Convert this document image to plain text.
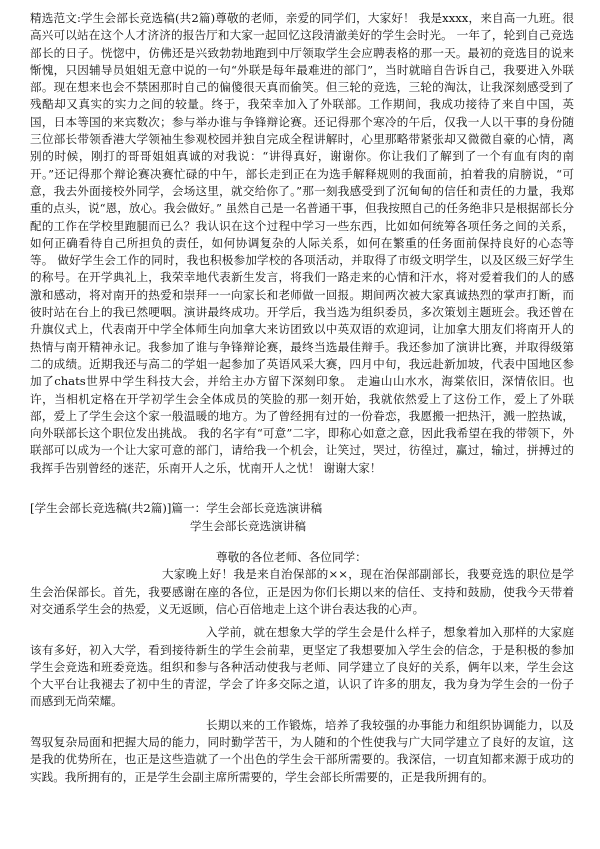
精选范文:学生会部长竞选稿(共2篇)尊敬的老师，亲爱的同学们，大家好！ 我是xxxx，来自高一九班。很高兴可以站在这个人才济济的报告厅和大家一起回忆这段清澈美好的学生会时光。 一年了，轮到自己竞选部长的日子。恍惚中，仿佛还是兴致勃勃地跑到中厅领取学生会应聘表格的那一天。最初的竞选目的说来惭愧，只因辅导员姐姐无意中说的一句“外联是每年最难进的部门”，当时就暗自告诉自己，我要进入外联部。现在想来也会不禁困那时自己的偏傻很天真而偷笑。但三轮的竞选，三轮的淘汰，让我深刻感受到了残酷却又真实的实力之间的较量。终于，我荣幸加入了外联部。工作期间，我成功接待了来自中国，英国，日本等国的来宾数次；参与举办谁与争锋辩论赛。还记得那个寒冷的午后，仅我一人以干事的身份随三位部长带领香港大学领袖生参观校园并独自完成全程讲解时，心里那略带紧张却又微微自豪的心情，离别的时候，刚打的哥哥姐姐真诚的对我说：“讲得真好，谢谢你。你让我们了解到了一个有血有肉的南开。”还记得那个辩论赛决赛忙碌的中午，部长走到正在为选手解释规则的我面前，拍着我的肩膀说，“可意，我去外面接校外同学，会场这里，就交给你了。”那一刻我感受到了沉甸甸的信任和责任的力量，我郑重的点头，说“恩，放心。我会做好。” 虽然自己是一名普通干事，但我按照自己的任务绝非只是根据部长分配的工作在学校里跑腿而已么？我认识在这个过程中学习一些东西，比如如何统筹各项任务之间的关系，如何正确看待自己所担负的责任，如何协调复杂的人际关系，如何在繁重的任务面前保持良好的心态等等。 做好学生会工作的同时，我也积极参加学校的各项活动，并取得了市级文明学生，以及区级三好学生的称号。在开学典礼上，我荣幸地代表新生发言，将我们一路走来的心情和汗水，将对爱着我们的人的感激和感动，将对南开的热爱和崇拜一一向家长和老师做一回报。期间两次被大家真诚热烈的掌声打断，而彼时站在台上的我已然哽咽。演讲最终成功。开学后，我当选为组织委员，多次策划主题班会。我还曾在升旗仪式上，代表南开中学全体师生向加拿大来访团致以中英双语的欢迎词，让加拿大朋友们将南开人的热情与南开精神永记。我参加了谁与争锋辩论赛，最终当选最佳辩手。我还参加了演讲比赛，并取得级第二的成绩。近期我还与高二的学姐一起参加了英语风采大赛，四月中旬，我远赴新加坡，代表中国地区参加了chats世界中学生科技大会，并给主办方留下深刻印象。 走遍山山水水，海棠依旧，深情依旧。也许，当相机定格在开学初学生会全体成员的笑脸的那一刻开始，我就依然爱上了这份工作，爱上了外联部，爱上了学生会这个家一般温暖的地方。为了曾经拥有过的一份眷恋，我愿搬一把热汗，溅一腔热诚，向外联部长这个职位发出挑战。 我的名字有“可意”二字，即称心如意之意，因此我希望在我的带领下，外联部可以成为一个让大家可意的部门，请给我一个机会，让笑过，哭过，彷徨过，赢过，输过，拼搏过的我挥手告别曾经的迷茫，乐南开人之乐，忧南开人之忧！ 谢谢大家！

[学生会部长竞选稿(共2篇)]篇一：学生会部长竞选演讲稿

学生会部长竞选演讲稿

尊敬的各位老师、各位同学：

大家晚上好！我是来自治保部的××，现在治保部副部长，我要竞选的职位是学生会治保部长。首先，我要感谢在座的各位，正是因为你们长期以来的信任、支持和鼓励，使我今天带着对交通系学生会的热爱，义无返顾，信心百倍地走上这个讲台表达我的心声。

入学前，就在想象大学的学生会是什么样子，想象着加入那样的大家庭该有多好，初入大学，看到接待新生的学生会前辈，更坚定了我想要加入学生会的信念，于是积极的参加学生会竞选和班委竞选。组织和参与各种活动使我与老师、同学建立了良好的关系，俩年以来，学生会这个大平台让我褪去了初中生的青涩，学会了许多交际之道，认识了许多的朋友，我为身为学生会的一份子而感到无尚荣耀。

长期以来的工作锻炼，培养了我较强的办事能力和组织协调能力，以及驾驭复杂局面和把握大局的能力，同时勤学苦干，为人随和的个性使我与广大同学建立了良好的友谊，这是我的优势所在，也正是这些造就了一个出色的学生会干部所需要的。我深信，一切直知都来源于成功的实践。我所拥有的，正是学生会副主席所需要的，学生会部长所需要的，正是我所拥有的。
